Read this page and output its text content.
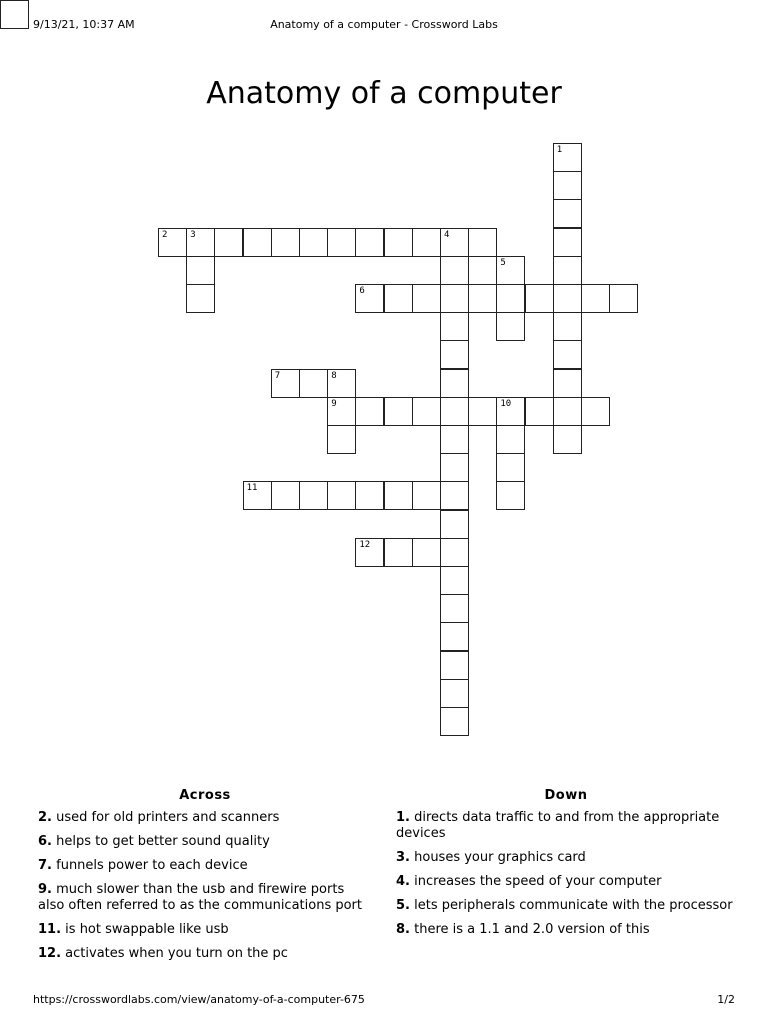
9/13/21, 10:37 AM	Anatomy of a computer - Crossword Labs
Anatomy of a computer
1
2	3	4
5
6
7	8
9	10
11
12
Across
2. used for old printers and scanners
6. helps to get better sound quality
7. funnels power to each device
9. much slower than the usb and firewire ports also often referred to as the communications port
11. is hot swappable like usb
12. activates when you turn on the pc
Down
1. directs data traffic to and from the appropriate devices
3. houses your graphics card
4. increases the speed of your computer
5. lets peripherals communicate with the processor
8. there is a 1.1 and 2.0 version of this
https://crosswordlabs.com/view/anatomy-of-a-computer-675	1/2
